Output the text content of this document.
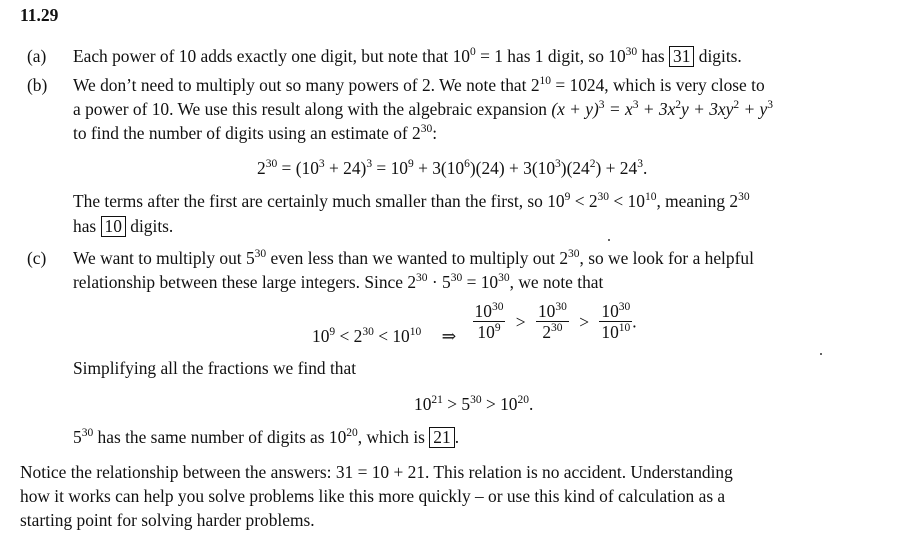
11.29
(a) Each power of 10 adds exactly one digit, but note that $10^0 = 1$ has 1 digit, so $10^{30}$ has 31 digits.
(b) We don’t need to multiply out so many powers of 2. We note that $2^{10} = 1024$, which is very close to
a power of 10. We use this result along with the algebraic expansion $(x + y)^3 = x^3 + 3x^2y + 3xy^2 + y^3$
to find the number of digits using an estimate of $2^{30}$:
$2^{30} = (10^3 + 24)^3 = 10^9 + 3(10^6)(24) + 3(10^3)(24^2) + 24^3$.
The terms after the first are certainly much smaller than the first, so $10^9 < 2^{30} < 10^{10}$, meaning $2^{30}$
has 10 digits.
(c) We want to multiply out $5^{30}$ even less than we wanted to multiply out $2^{30}$, so we look for a helpful
relationship between these large integers. Since $2^{30} \cdot 5^{30} = 10^{30}$, we note that
$10^9 < 2^{30} < 10^{10}$ ⇒ $\frac{10^{30}}{10^9} > \frac{10^{30}}{2^{30}} > \frac{10^{30}}{10^{10}}$ .
Simplifying all the fractions we find that
$10^{21} > 5^{30} > 10^{20}$.
$5^{30}$ has the same number of digits as $10^{20}$, which is 21 .
Notice the relationship between the answers: 31 = 10 + 21. This relation is no accident. Understanding
how it works can help you solve problems like this more quickly – or use this kind of calculation as a
starting point for solving harder problems.
